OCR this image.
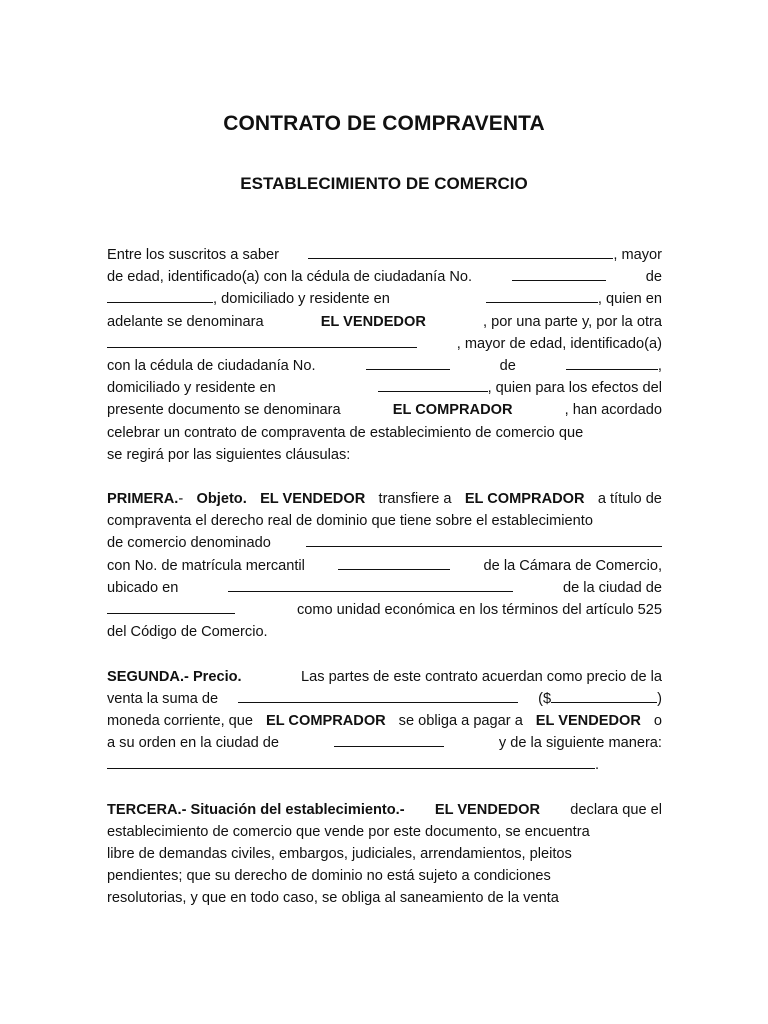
CONTRATO DE COMPRAVENTA
ESTABLECIMIENTO DE COMERCIO
Entre los suscritos a saber	, mayor
de edad, identificado(a) con la cédula de ciudadanía No.	de
, domiciliado y residente en	, quien en
adelante se denominara	EL VENDEDOR	, por una parte y, por la otra
, mayor de edad, identificado(a)
con la cédula de ciudadanía No.	de	,
domiciliado y residente en	, quien para los efectos del
presente documento se denominara	EL COMPRADOR	, han acordado
celebrar un contrato de compraventa de establecimiento de comercio que
se regirá por las siguientes cláusulas:
PRIMERA.- Objeto. EL VENDEDOR transfiere a EL COMPRADOR a título de
compraventa el derecho real de dominio que tiene sobre el establecimiento
de comercio denominado
con No. de matrícula mercantil	de la Cámara de Comercio,
ubicado en	de la ciudad de
como unidad económica en los términos del artículo 525
del Código de Comercio.
SEGUNDA.- Precio.	Las partes de este contrato acuerdan como precio de la
venta la suma de	($	)
moneda corriente, que EL COMPRADOR se obliga a pagar a EL VENDEDOR o
a su orden en la ciudad de	y de la siguiente manera:
.
TERCERA.- Situación del establecimiento.- EL VENDEDOR declara que el
establecimiento de comercio que vende por este documento, se encuentra
libre de demandas civiles, embargos, judiciales, arrendamientos, pleitos
pendientes; que su derecho de dominio no está sujeto a condiciones
resolutorias, y que en todo caso, se obliga al saneamiento de la venta
